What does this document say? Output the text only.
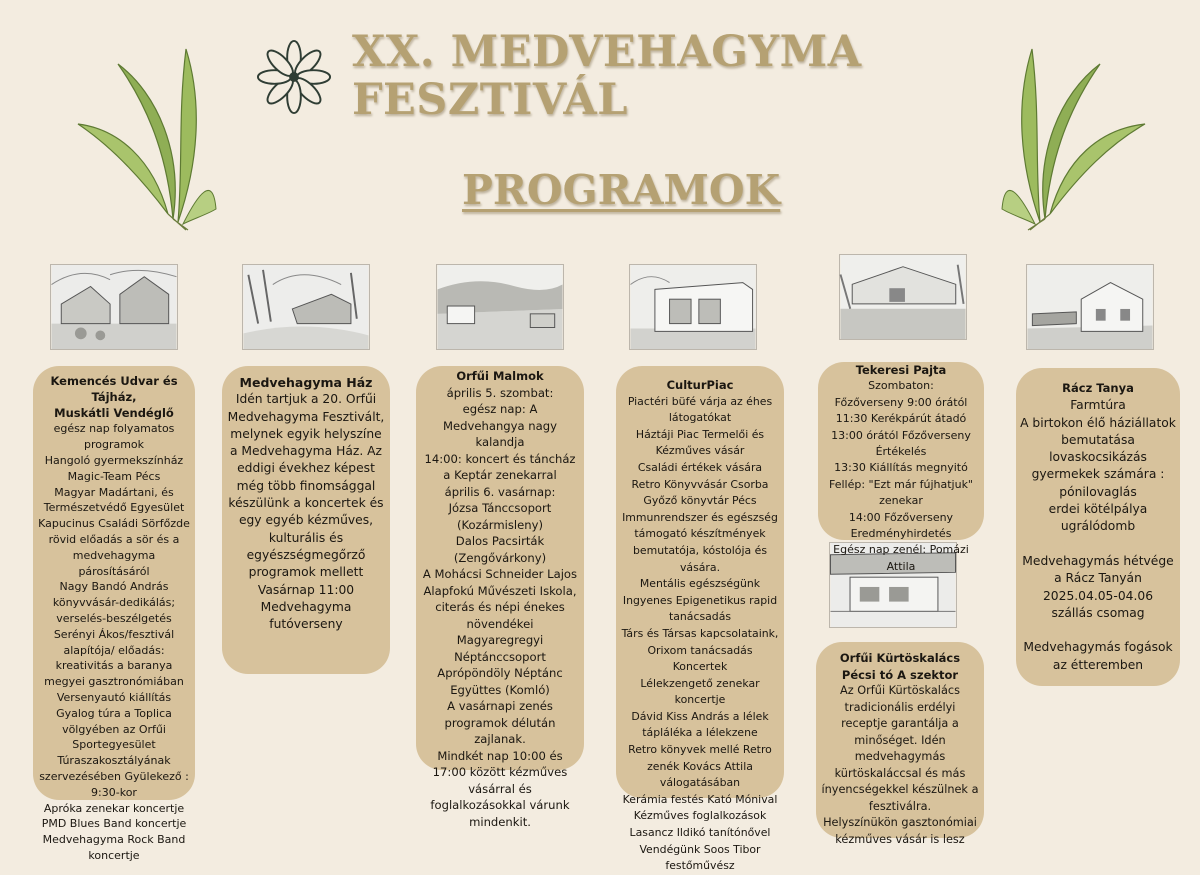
XX. MEDVEHAGYMA
FESZTIVÁL
PROGRAMOK
Kemencés Udvar és Tájház,
Muskátli Vendéglő
egész nap folyamatos programok
Hangoló gyermekszínház
Magic-Team Pécs
Magyar Madártani, és Természetvédő Egyesület
Kapucinus Családi Sörfőzde rövid előadás a sör és a medvehagyma párosításáról
Nagy Bandó András könyvvásár-dedikálás; verselés-beszélgetés Serényi Ákos/fesztivál alapítója/ előadás: kreativitás a baranya megyei gasztronómiában
Versenyautó kiállítás
Gyalog túra a Toplica völgyében az Orfűi Sportegyesület Túraszakosztályának szervezésében Gyülekező : 9:30-kor
Apróka zenekar koncertje
PMD Blues Band koncertje
Medvehagyma Rock Band koncertje
Medvehagyma Ház
Idén tartjuk a 20. Orfűi Medvehagyma Fesztivált, melynek egyik helyszíne a Medvehagyma Ház. Az eddigi évekhez képest még több finomsággal készülünk a koncertek és egy egyéb kézműves, kulturális és egyészségmegőrző programok mellett
Vasárnap 11:00 Medvehagyma futóverseny
Orfűi Malmok
április 5. szombat:
egész nap: A Medvehangya nagy kalandja
14:00: koncert és táncház a Keptár zenekarral
április 6. vasárnap:
Józsa Tánccsoport (Kozármisleny)
Dalos Pacsirták (Zengővárkony)
A Mohácsi Schneider Lajos Alapfokú Művészeti Iskola, citerás és népi énekes növendékei
Magyaregregyi Néptánccsoport
Aprópöndöly Néptánc Együttes (Komló)
A vasárnapi zenés programok délután zajlanak.
Mindkét nap 10:00 és 17:00 között kézműves vásárral és foglalkozásokkal várunk mindenkit.
CulturPiac
Piactéri büfé várja az éhes látogatókat
Háztáji Piac Termelői és Kézműves vásár
Családi értékek vására
Retro Könyvvásár Csorba Győző könyvtár Pécs
Immunrendszer és egészség támogató készítmények bemutatója, kóstolója és vására.
Mentális egészségünk Ingyenes Epigenetikus rapid tanácsadás
Társ és Társas kapcsolataink, Orixom tanácsadás
Koncertek
Lélekzengető zenekar koncertje
Dávid Kiss András a lélek tápláléka a lélekzene
Retro könyvek mellé Retro zenék Kovács Attila válogatásában
Kerámia festés Kató Mónival
Kézműves foglalkozások Lasancz Ildikó tanítónővel
Vendégünk Soos Tibor festőművész
Tekeresi Pajta
Szombaton:
Főzőverseny 9:00 órától
11:30 Kerékpárút átadó
13:00 órától Főzőverseny Értékelés
13:30 Kiállítás megnyitó Fellép: "Ezt már fújhatjuk" zenekar
14:00 Főzőverseny Eredményhirdetés
Egész nap zenél: Pomázi Attila
Orfűi Kürtöskalács
Pécsi tó A szektor
Az Orfűi Kürtöskalács tradicionális erdélyi receptje garantálja a minőséget. Idén medvehagymás kürtöskaláccsal és más ínyencségekkel készülnek a fesztiválra.
Helyszínükön gasztonómiai kézműves vásár is lesz
Rácz Tanya
Farmtúra
A birtokon élő háziállatok bemutatása lovaskocsikázás gyermekek számára : pónilovaglás
erdei kötélpálya
ugrálódomb

Medvehagymás hétvége a Rácz Tanyán 2025.04.05-04.06
szállás csomag

Medvehagymás fogások az étteremben
